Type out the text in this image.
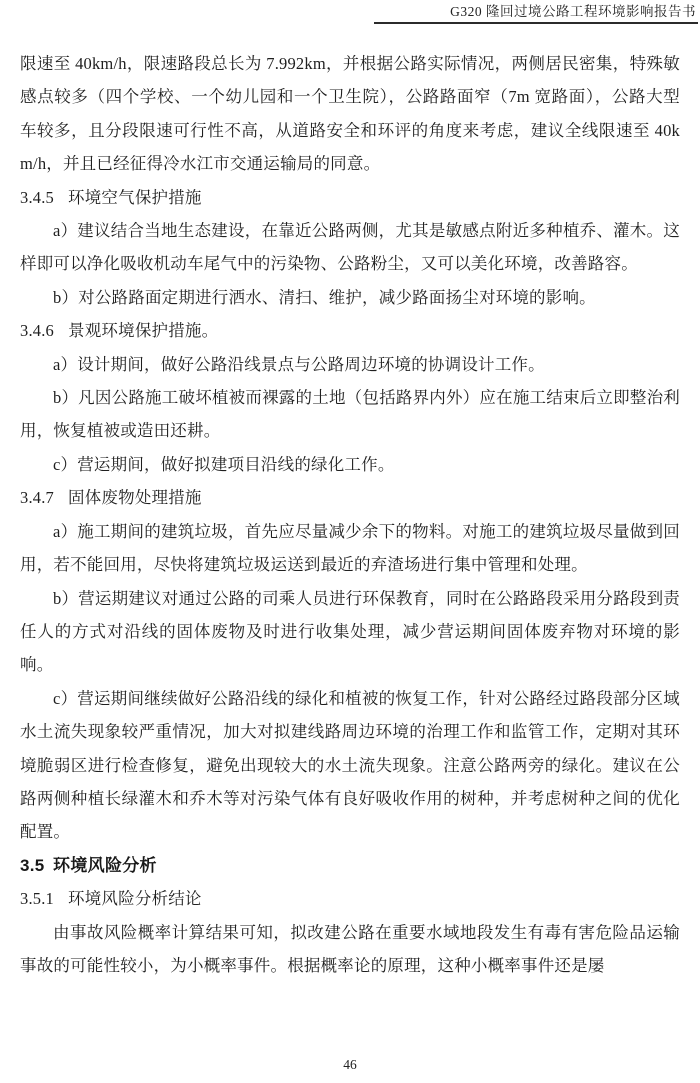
G320 隆回过境公路工程环境影响报告书

限速至 40km/h，限速路段总长为 7.992km，并根据公路实际情况，两侧居民密集，特殊敏感点较多（四个学校、一个幼儿园和一个卫生院），公路路面窄（7m 宽路面），公路大型车较多，且分段限速可行性不高，从道路安全和环评的角度来考虑，建议全线限速至 40km/h，并且已经征得冷水江市交通运输局的同意。

3.4.5 环境空气保护措施

a）建议结合当地生态建设，在靠近公路两侧，尤其是敏感点附近多种植乔、灌木。这样即可以净化吸收机动车尾气中的污染物、公路粉尘，又可以美化环境，改善路容。

b）对公路路面定期进行洒水、清扫、维护，减少路面扬尘对环境的影响。

3.4.6 景观环境保护措施。

a）设计期间，做好公路沿线景点与公路周边环境的协调设计工作。

b）凡因公路施工破坏植被而裸露的土地（包括路界内外）应在施工结束后立即整治利用，恢复植被或造田还耕。

c）营运期间，做好拟建项目沿线的绿化工作。

3.4.7 固体废物处理措施

a）施工期间的建筑垃圾，首先应尽量减少余下的物料。对施工的建筑垃圾尽量做到回用，若不能回用，尽快将建筑垃圾运送到最近的弃渣场进行集中管理和处理。

b）营运期建议对通过公路的司乘人员进行环保教育，同时在公路路段采用分路段到责任人的方式对沿线的固体废物及时进行收集处理，减少营运期间固体废弃物对环境的影响。

c）营运期间继续做好公路沿线的绿化和植被的恢复工作，针对公路经过路段部分区域水土流失现象较严重情况，加大对拟建线路周边环境的治理工作和监管工作，定期对其环境脆弱区进行检查修复，避免出现较大的水土流失现象。注意公路两旁的绿化。建议在公路两侧种植长绿灌木和乔木等对污染气体有良好吸收作用的树种，并考虑树种之间的优化配置。

3.5 环境风险分析
3.5.1 环境风险分析结论

由事故风险概率计算结果可知，拟改建公路在重要水域地段发生有毒有害危险品运输事故的可能性较小，为小概率事件。根据概率论的原理，这种小概率事件还是屡

46
